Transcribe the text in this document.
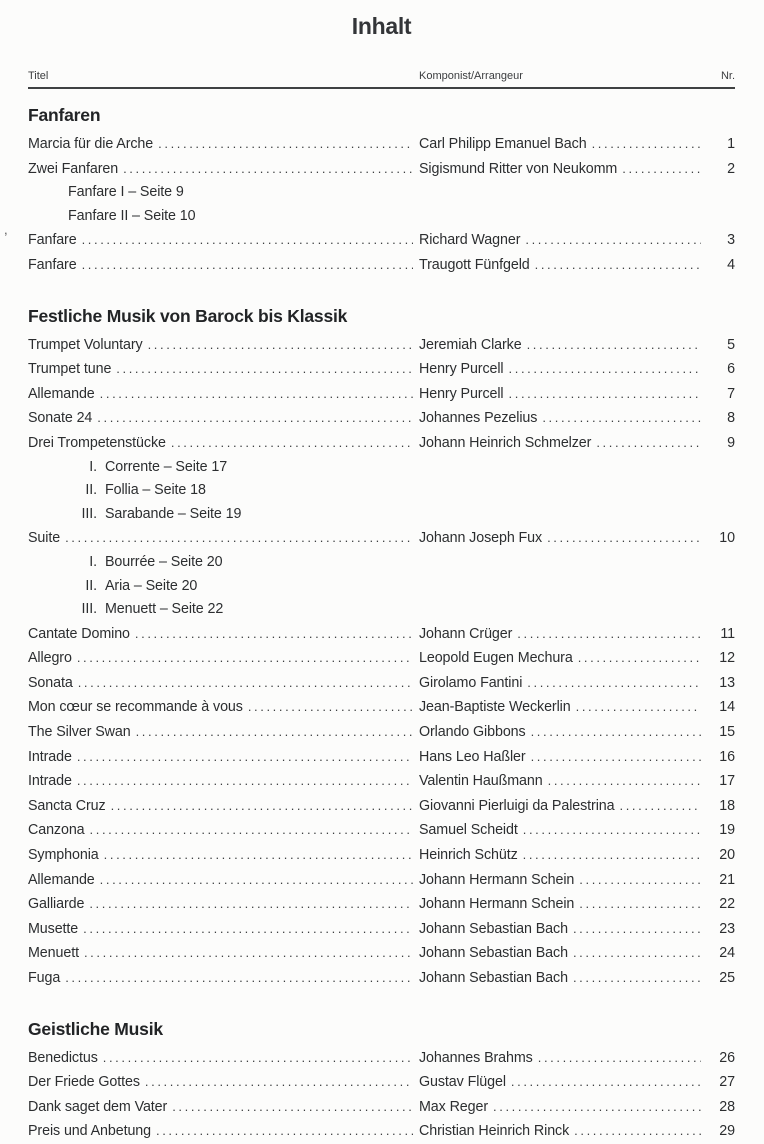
Inhalt
Titel	Komponist/Arrangeur	Nr.
Fanfaren
Marcia für die Arche .....	Carl Philipp Emanuel Bach .....	1
Zwei Fanfaren .....	Sigismund Ritter von Neukomm .....	2
Fanfare I – Seite 9
Fanfare II – Seite 10
Fanfare .....	Richard Wagner .....	3
Fanfare .....	Traugott Fünfgeld .....	4
Festliche Musik von Barock bis Klassik
Trumpet Voluntary .....	Jeremiah Clarke .....	5
Trumpet tune .....	Henry Purcell .....	6
Allemande .....	Henry Purcell .....	7
Sonate 24 .....	Johannes Pezelius .....	8
Drei Trompetenstücke .....	Johann Heinrich Schmelzer .....	9
I. Corrente – Seite 17
II. Follia – Seite 18
III. Sarabande – Seite 19
Suite .....	Johann Joseph Fux .....	10
I. Bourrée – Seite 20
II. Aria – Seite 20
III. Menuett – Seite 22
Cantate Domino .....	Johann Crüger .....	11
Allegro .....	Leopold Eugen Mechura .....	12
Sonata .....	Girolamo Fantini .....	13
Mon cœur se recommande à vous .....	Jean-Baptiste Weckerlin .....	14
The Silver Swan .....	Orlando Gibbons .....	15
Intrade .....	Hans Leo Haßler .....	16
Intrade .....	Valentin Haußmann .....	17
Sancta Cruz .....	Giovanni Pierluigi da Palestrina .....	18
Canzona .....	Samuel Scheidt .....	19
Symphonia .....	Heinrich Schütz .....	20
Allemande .....	Johann Hermann Schein .....	21
Galliarde .....	Johann Hermann Schein .....	22
Musette .....	Johann Sebastian Bach .....	23
Menuett .....	Johann Sebastian Bach .....	24
Fuga .....	Johann Sebastian Bach .....	25
Geistliche Musik
Benedictus .....	Johannes Brahms .....	26
Der Friede Gottes .....	Gustav Flügel .....	27
Dank saget dem Vater .....	Max Reger .....	28
Preis und Anbetung .....	Christian Heinrich Rinck .....	29
,
